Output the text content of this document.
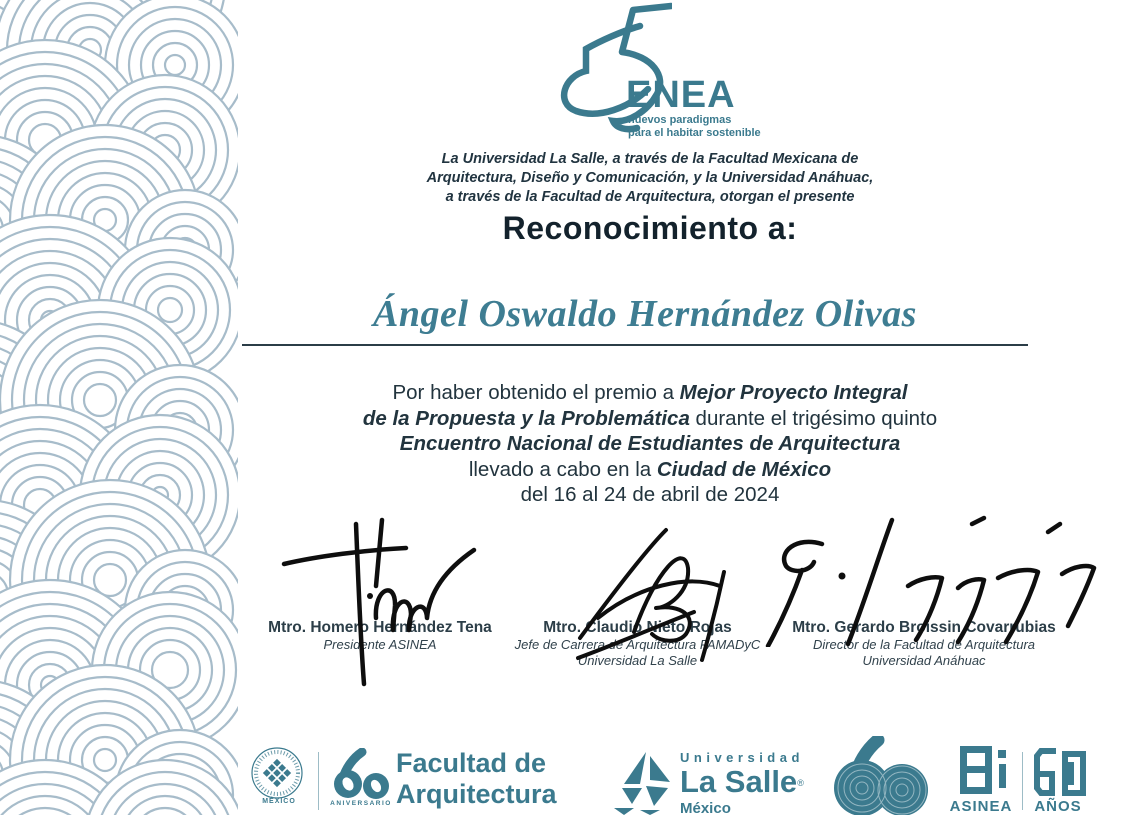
ENEA
nuevos paradigmas
para el habitar sostenible
La Universidad La Salle, a través de la Facultad Mexicana de
Arquitectura, Diseño y Comunicación, y la Universidad Anáhuac,
a través de la Facultad de Arquitectura, otorgan el presente
Reconocimiento a:
Ángel Oswaldo Hernández Olivas
Por haber obtenido el premio a Mejor Proyecto Integral
de la Propuesta y la Problemática durante el trigésimo quinto
Encuentro Nacional de Estudiantes de Arquitectura
llevado a cabo en la Ciudad de México
del 16 al 24 de abril de 2024
Mtro. Homero Hernández Tena
Presidente ASINEA
Mtro. Claudio Nieto Rojas
Jefe de Carrera de Arquitectura FAMADyC
Universidad La Salle
Mtro. Gerardo Broissin Covarrubias
Director de la Facultad de Arquitectura
Universidad Anáhuac
MÉXICO	ANIVERSARIO
Facultad de
Arquitectura
Universidad
La Salle®
México	ASINEA	AÑOS
